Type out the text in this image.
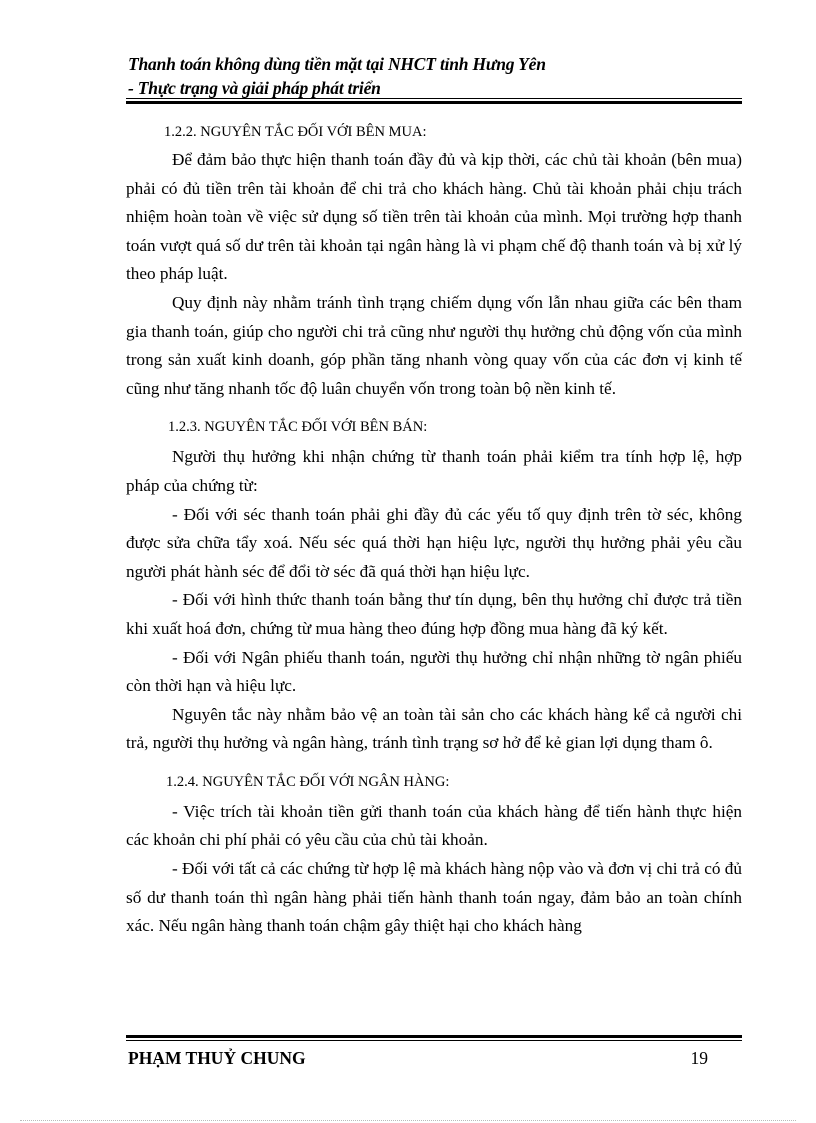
Thanh toán không dùng tiền mặt tại NHCT tỉnh Hưng Yên
- Thực trạng và giải pháp phát triển
1.2.2. NGUYÊN TẮC ĐỐI VỚI BÊN MUA:

Để đảm bảo thực hiện thanh toán đầy đủ và kịp thời, các chủ tài khoản (bên mua) phải có đủ tiền trên tài khoản để chi trả cho khách hàng. Chủ tài khoản phải chịu trách nhiệm hoàn toàn về việc sử dụng số tiền trên tài khoản của mình. Mọi trường hợp thanh toán vượt quá số dư trên tài khoản tại ngân hàng là vi phạm chế độ thanh toán và bị xử lý theo pháp luật.

Quy định này nhằm tránh tình trạng chiếm dụng vốn lẫn nhau giữa các bên tham gia thanh toán, giúp cho người chi trả cũng như người thụ hưởng chủ động vốn của mình trong sản xuất kinh doanh, góp phần tăng nhanh vòng quay vốn của các đơn vị kinh tế cũng như tăng nhanh tốc độ luân chuyển vốn trong toàn bộ nền kinh tế.

1.2.3. NGUYÊN TẮC ĐỐI VỚI BÊN BÁN:

Người thụ hưởng khi nhận chứng từ thanh toán phải kiểm tra tính hợp lệ, hợp pháp của chứng từ:

- Đối với séc thanh toán phải ghi đầy đủ các yếu tố quy định trên tờ séc, không được sửa chữa tẩy xoá. Nếu séc quá thời hạn hiệu lực, người thụ hưởng phải yêu cầu người phát hành séc để đổi tờ séc đã quá thời hạn hiệu lực.

- Đối với hình thức thanh toán bằng thư tín dụng, bên thụ hưởng chỉ được trả tiền khi xuất hoá đơn, chứng từ mua hàng theo đúng hợp đồng mua hàng đã ký kết.

- Đối với Ngân phiếu thanh toán, người thụ hưởng chỉ nhận những tờ ngân phiếu còn thời hạn và hiệu lực.

Nguyên tắc này nhằm bảo vệ an toàn tài sản cho các khách hàng kể cả người chi trả, người thụ hưởng và ngân hàng, tránh tình trạng sơ hở để kẻ gian lợi dụng tham ô.

1.2.4. NGUYÊN TẮC ĐỐI VỚI NGÂN HÀNG:

- Việc trích tài khoản tiền gửi thanh toán của khách hàng để tiến hành thực hiện các khoản chi phí phải có yêu cầu của chủ tài khoản.

- Đối với tất cả các chứng từ hợp lệ mà khách hàng nộp vào và đơn vị chi trả có đủ số dư thanh toán thì ngân hàng phải tiến hành thanh toán ngay, đảm bảo an toàn chính xác. Nếu ngân hàng thanh toán chậm gây thiệt hại cho khách hàng

PHẠM THUỶ CHUNG	19
